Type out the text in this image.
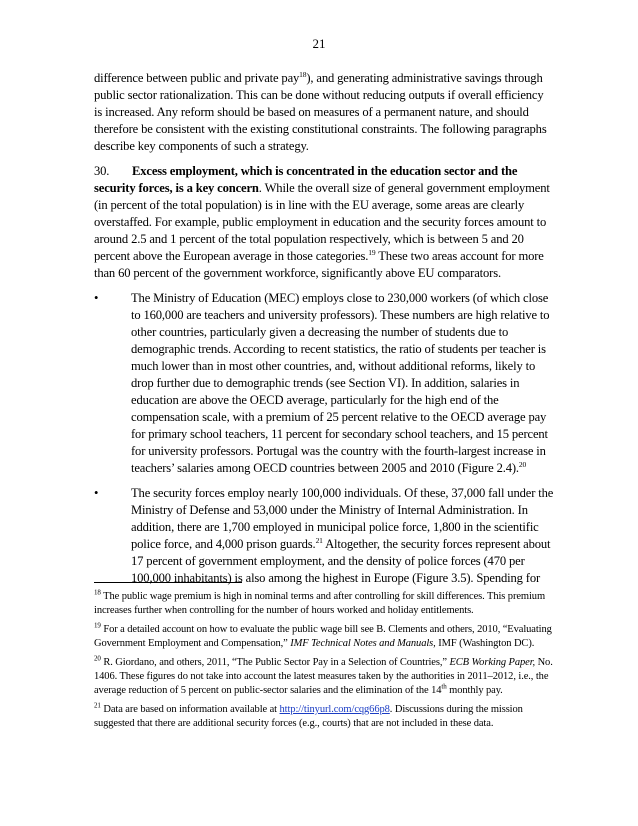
21

difference between public and private pay$^{18}$), and generating administrative savings through public sector rationalization. This can be done without reducing outputs if overall efficiency is increased. Any reform should be based on measures of a permanent nature, and should therefore be consistent with the existing constitutional constraints. The following paragraphs describe key components of such a strategy.

30. Excess employment, which is concentrated in the education sector and the security forces, is a key concern. While the overall size of general government employment (in percent of the total population) is in line with the EU average, some areas are clearly overstaffed. For example, public employment in education and the security forces amount to around 2.5 and 1 percent of the total population respectively, which is between 5 and 20 percent above the European average in those categories.$^{19}$ These two areas account for more than 60 percent of the government workforce, significantly above EU comparators.

•	The Ministry of Education (MEC) employs close to 230,000 workers (of which close to 160,000 are teachers and university professors). These numbers are high relative to other countries, particularly given a decreasing the number of students due to demographic trends. According to recent statistics, the ratio of students per teacher is much lower than in most other countries, and, without additional reforms, likely to drop further due to demographic trends (see Section VI). In addition, salaries in education are above the OECD average, particularly for the high end of the compensation scale, with a premium of 25 percent relative to the OECD average pay for primary school teachers, 11 percent for secondary school teachers, and 15 percent for university professors. Portugal was the country with the fourth-largest increase in teachers’ salaries among OECD countries between 2005 and 2010 (Figure 2.4).$^{20}$
•	The security forces employ nearly 100,000 individuals. Of these, 37,000 fall under the Ministry of Defense and 53,000 under the Ministry of Internal Administration. In addition, there are 1,700 employed in municipal police force, 1,800 in the scientific police force, and 4,000 prison guards.$^{21}$ Altogether, the security forces represent about 17 percent of government employment, and the density of police forces (470 per 100,000 inhabitants) is also among the highest in Europe (Figure 3.5). Spending for

$^{18}$ The public wage premium is high in nominal terms and after controlling for skill differences. This premium increases further when controlling for the number of hours worked and holiday entitlements.

$^{19}$ For a detailed account on how to evaluate the public wage bill see B. Clements and others, 2010, “Evaluating Government Employment and Compensation,” IMF Technical Notes and Manuals, IMF (Washington DC).

$^{20}$ R. Giordano, and others, 2011, “The Public Sector Pay in a Selection of Countries,” ECB Working Paper, No. 1406. These figures do not take into account the latest measures taken by the authorities in 2011–2012, i.e., the average reduction of 5 percent on public-sector salaries and the elimination of the 14th monthly pay.

$^{21}$ Data are based on information available at http://tinyurl.com/cqg66p8. Discussions during the mission suggested that there are additional security forces (e.g., courts) that are not included in these data.
